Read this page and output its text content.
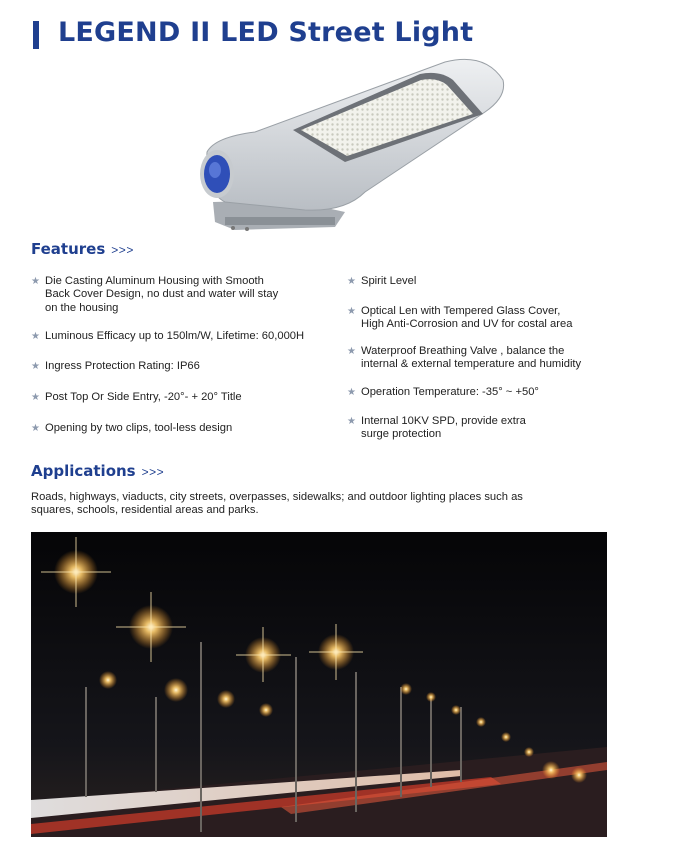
LEGEND II LED Street Light
Features >>>
★ Die Casting Aluminum Housing with Smooth
Back Cover Design, no dust and water will stay
on the housing
★ Luminous Efficacy up to 150lm/W, Lifetime: 60,000H
★ Ingress Protection Rating: IP66
★ Post Top Or Side Entry, -20°- + 20° Title
★ Opening by two clips, tool-less design
★ Spirit Level
★ Optical Len with Tempered Glass Cover,
High Anti-Corrosion and UV for costal area
★ Waterproof Breathing Valve , balance the
internal & external temperature and humidity
★ Operation Temperature: -35° ~ +50°
★ Internal 10KV SPD, provide extra
surge protection
Applications >>>
Roads, highways, viaducts, city streets, overpasses, sidewalks; and outdoor lighting places such as squares, schools, residential areas and parks.
